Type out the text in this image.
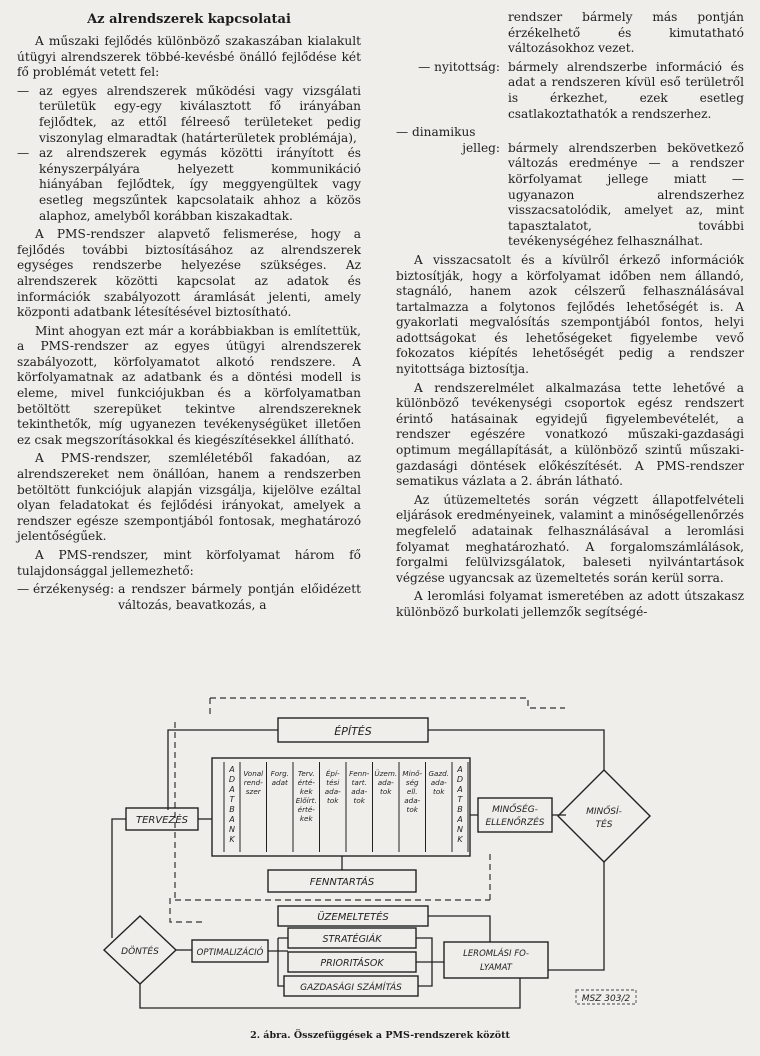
Az alrendszerek kapcsolatai

A műszaki fejlődés különböző szakaszában kialakult útügyi alrendszerek többé-kevésbé önálló fejlődése két fő problémát vetett fel:

— az egyes alrendszerek működési vagy vizsgálati területük egy-egy kiválasztott fő irányában fejlődtek, az ettől félreeső területeket pedig viszonylag elmaradtak (határterületek problémája),
— az alrendszerek egymás közötti irányított és kényszerpályára helyezett kommunikáció hiányában fejlődtek, így meggyengültek vagy esetleg megszűntek kapcsolataik ahhoz a közös alaphoz, amelyből korábban kiszakadtak.

A PMS-rendszer alapvető felismerése, hogy a fejlődés további biztosításához az alrendszerek egységes rendszerbe helyezése szükséges. Az alrendszerek közötti kapcsolat az adatok és információk szabályozott áramlását jelenti, amely központi adatbank létesítésével biztosítható.

Mint ahogyan ezt már a korábbiakban is említettük, a PMS-rendszer az egyes útügyi alrendszerek szabályozott, körfolyamatot alkotó rendszere. A körfolyamatnak az adatbank és a döntési modell is eleme, mivel funkciójukban és a körfolyamatban betöltött szerepüket tekintve alrendszereknek tekinthetők, míg ugyanezen tevékenységüket illetően ez csak megszorításokkal és kiegészítésekkel állítható.

A PMS-rendszer, szemléletéből fakadóan, az alrendszereket nem önállóan, hanem a rendszerben betöltött funkciójuk alapján vizsgálja, kijelölve ezáltal olyan feladatokat és fejlődési irányokat, amelyek a rendszer egésze szempontjából fontosak, meghatározó jelentőségűek.

A PMS-rendszer, mint körfolyamat három fő tulajdonsággal jellemezhető:

— érzékenység: a rendszer bármely pontján előidézett változás, beavatkozás, a
rendszer bármely más pontján érzékelhető és kimutatható változásokhoz vezet.
— nyitottság: bármely alrendszerbe információ és adat a rendszeren kívül eső területről is érkezhet, ezek esetleg csatlakoztathatók a rendszerhez.
— dinamikus
jelleg: bármely alrendszerben bekövetkező változás eredménye — a rendszer körfolyamat jellege miatt — ugyanazon alrendszerhez visszacsatolódik, amelyet az, mint tapasztalatot, további tevékenységéhez felhasználhat.

A visszacsatolt és a kívülről érkező információk biztosítják, hogy a körfolyamat időben nem állandó, stagnáló, hanem azok célszerű felhasználásával tartalmazza a folytonos fejlődés lehetőségét is. A gyakorlati megvalósítás szempontjából fontos, helyi adottságokat és lehetőségeket figyelembe vevő fokozatos kiépítés lehetőségét pedig a rendszer nyitottsága biztosítja.

A rendszerelmélet alkalmazása tette lehetővé a különböző tevékenységi csoportok egész rendszert érintő hatásainak egyidejű figyelembevételét, a rendszer egészére vonatkozó műszaki-gazdasági optimum megállapítását, a különböző szintű műszaki-gazdasági döntések előkészítését. A PMS-rendszer sematikus vázlata a 2. ábrán látható.

Az útüzemeltetés során végzett állapotfelvételi eljárások eredményeinek, valamint a minőségellenőrzés megfelelő adatainak felhasználásával a leromlási folyamat meghatározható. A forgalomszámlálások, forgalmi felülvizsgálatok, baleseti nyilvántartások végzése ugyancsak az üzemeltetés során kerül sorra.

A leromlási folyamat ismeretében az adott útszakasz különböző burkolati jellemzők segítségé-

ÉPÍTÉS
Vonal rend-szer
Forg. adat
Terv. érté-kek Előírt. érté-kek
Épí-tési ada-tok
Fenn-tart. ada-tok
Üzem. ada-tok
Minő-ség ell. ada-tok
Gazd. ada-tok
A D A T B A N K
A D A T B A N K
TERVEZÉS
MINŐSÉG-
ELLENŐRZÉS
MINŐSÍ-
TÉS
FENNTARTÁS
ÜZEMELTETÉS
DÖNTÉS	OPTIMALIZÁCIÓ
STRATÉGIÁK
PRIORITÁSOK
GAZDASÁGI SZÁMÍTÁS
LEROMLÁSI FO-
LYAMAT
MSZ 303/2
2. ábra. Összefüggések a PMS-rendszerek között
